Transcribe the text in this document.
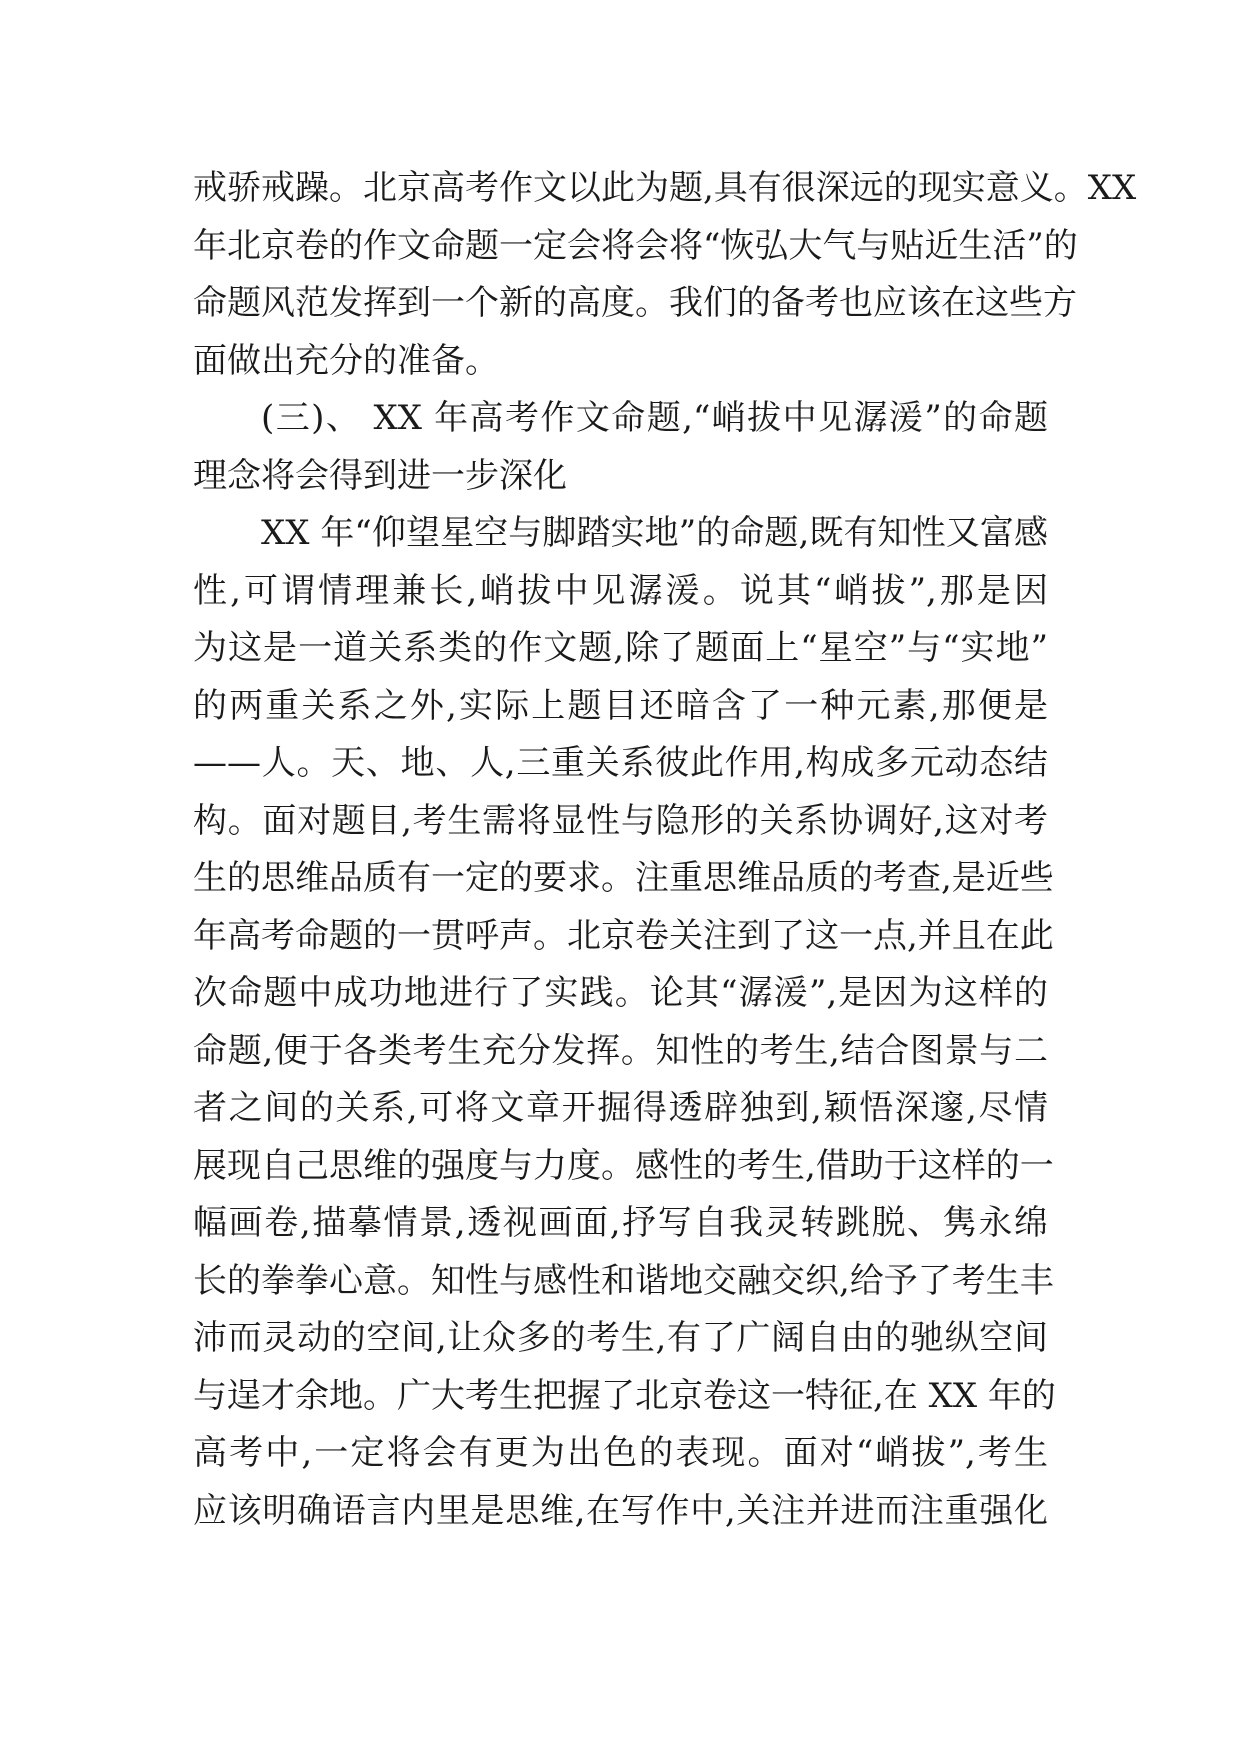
戒骄戒躁。北京高考作文以此为题,具有很深远的现实意义。XX
年北京卷的作文命题一定会将会将“恢弘大气与贴近生活”的
命题风范发挥到一个新的高度。我们的备考也应该在这些方
面做出充分的准备。
(三)、 XX 年高考作文命题,“峭拔中见潺湲”的命题
理念将会得到进一步深化
XX 年“仰望星空与脚踏实地”的命题,既有知性又富感
性,可谓情理兼长,峭拔中见潺湲。说其“峭拔”,那是因
为这是一道关系类的作文题,除了题面上“星空”与“实地”
的两重关系之外,实际上题目还暗含了一种元素,那便是
——人。天、地、人,三重关系彼此作用,构成多元动态结
构。面对题目,考生需将显性与隐形的关系协调好,这对考
生的思维品质有一定的要求。注重思维品质的考查,是近些
年高考命题的一贯呼声。北京卷关注到了这一点,并且在此
次命题中成功地进行了实践。论其“潺湲”,是因为这样的
命题,便于各类考生充分发挥。知性的考生,结合图景与二
者之间的关系,可将文章开掘得透辟独到,颖悟深邃,尽情
展现自己思维的强度与力度。感性的考生,借助于这样的一
幅画卷,描摹情景,透视画面,抒写自我灵转跳脱、隽永绵
长的拳拳心意。知性与感性和谐地交融交织,给予了考生丰
沛而灵动的空间,让众多的考生,有了广阔自由的驰纵空间
与逞才余地。广大考生把握了北京卷这一特征,在 XX 年的
高考中,一定将会有更为出色的表现。面对“峭拔”,考生
应该明确语言内里是思维,在写作中,关注并进而注重强化
